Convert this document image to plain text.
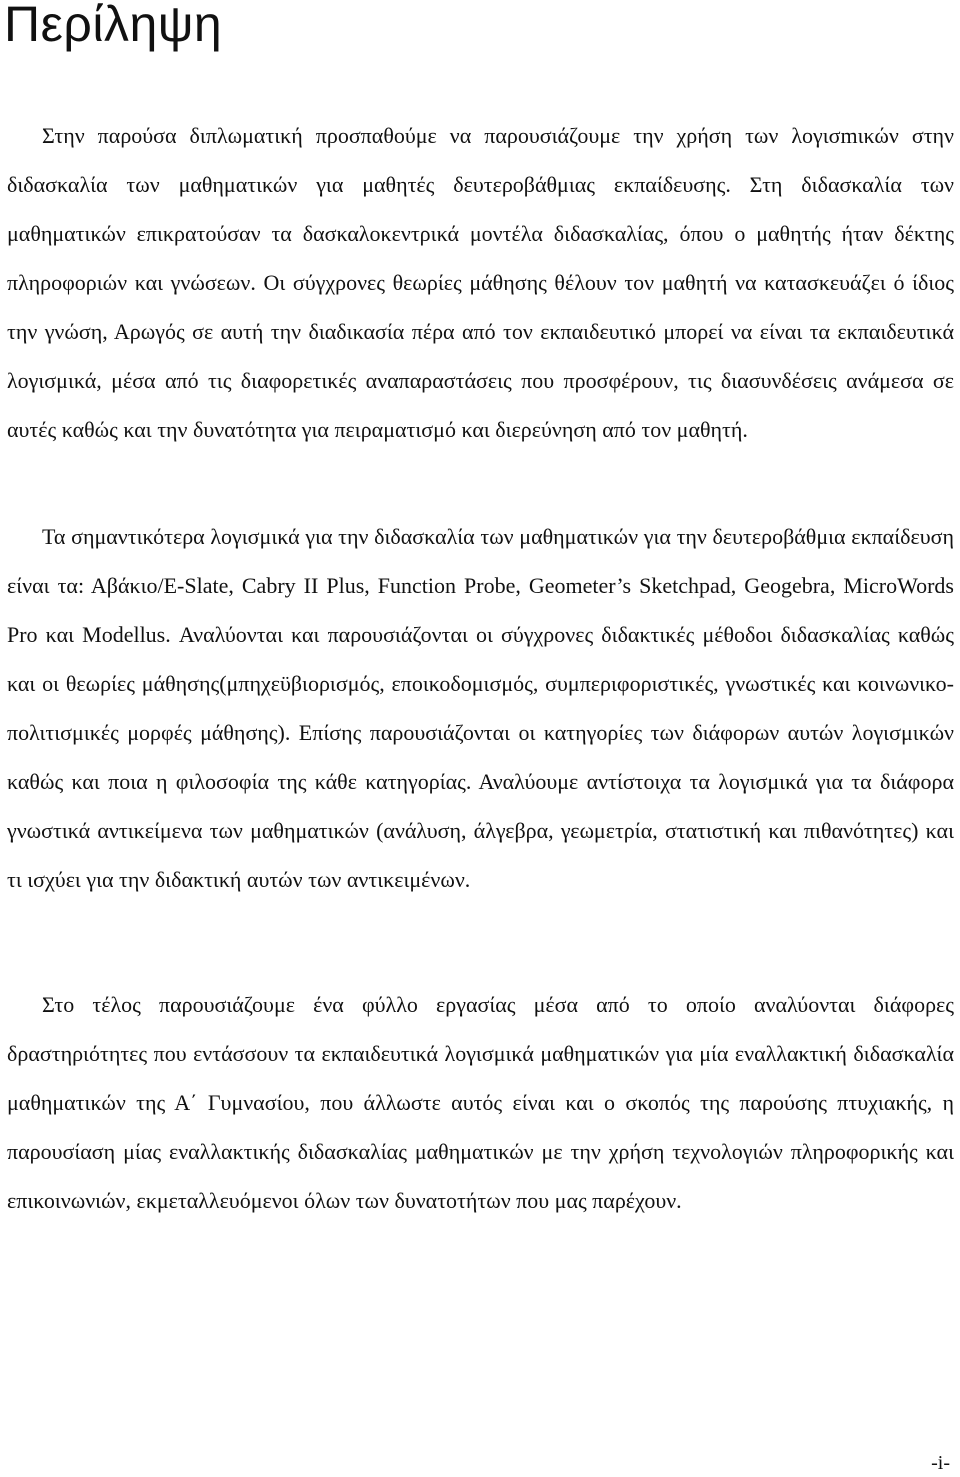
Περίληψη

Στην παρούσα διπλωματική προσπαθούμε να παρουσιάζουμε την χρήση των λογισmικών στην διδασκαλία των μαθηματικών για μαθητές δευτεροβάθμιας εκπαίδευσης. Στη διδασκαλία των μαθηματικών επικρατούσαν τα δασκαλοκεντρικά μοντέλα διδασκαλίας, όπου ο μαθητής ήταν δέκτης πληροφοριών και γνώσεων. Οι σύγχρονες θεωρίες μάθησης θέλουν τον μαθητή να κατασκευάζει ό ίδιος την γνώση, Αρωγός σε αυτή την διαδικασία πέρα από τον εκπαιδευτικό μπορεί να είναι τα εκπαιδευτικά λογισμικά, μέσα από τις διαφορετικές αναπαραστάσεις που προσφέρουν, τις διασυνδέσεις ανάμεσα σε αυτές καθώς και την δυνατότητα για πειραματισμό και διερεύνηση από τον μαθητή.

Τα σημαντικότερα λογισμικά για την διδασκαλία των μαθηματικών για την δευτεροβάθμια εκπαίδευση είναι τα: Αβάκιο/E-Slate, Cabry II Plus, Function Probe, Geometer’s Sketchpad, Geogebra, MicroWords Pro και Modellus. Αναλύονται και παρουσιάζονται οι σύγχρονες διδακτικές μέθοδοι διδασκαλίας καθώς και οι θεωρίες μάθησης(μπηχεϋβιορισμός, εποικοδομισμός, συμπεριφοριστικές, γνωστικές και κοινωνικοπολιτισμικές μορφές μάθησης). Επίσης παρουσιάζονται οι κατηγορίες των διάφορων αυτών λογισμικών καθώς και ποια η φιλοσοφία της κάθε κατηγορίας. Αναλύουμε αντίστοιχα τα λογισμικά για τα διάφορα γνωστικά αντικείμενα των μαθηματικών (ανάλυση, άλγεβρα, γεωμετρία, στατιστική και πιθανότητες) και τι ισχύει για την διδακτική αυτών των αντικειμένων.

Στο τέλος παρουσιάζουμε ένα φύλλο εργασίας μέσα από το οποίο αναλύονται διάφορες δραστηριότητες που εντάσσουν τα εκπαιδευτικά λογισμικά μαθηματικών για μία εναλλακτική διδασκαλία μαθηματικών της Α΄ Γυμνασίου, που άλλωστε αυτός είναι και ο σκοπός της παρούσης πτυχιακής, η παρουσίαση μίας εναλλακτικής διδασκαλίας μαθηματικών με την χρήση τεχνολογιών πληροφορικής και επικοινωνιών, εκμεταλλευόμενοι όλων των δυνατοτήτων που μας παρέχουν.

-i-
